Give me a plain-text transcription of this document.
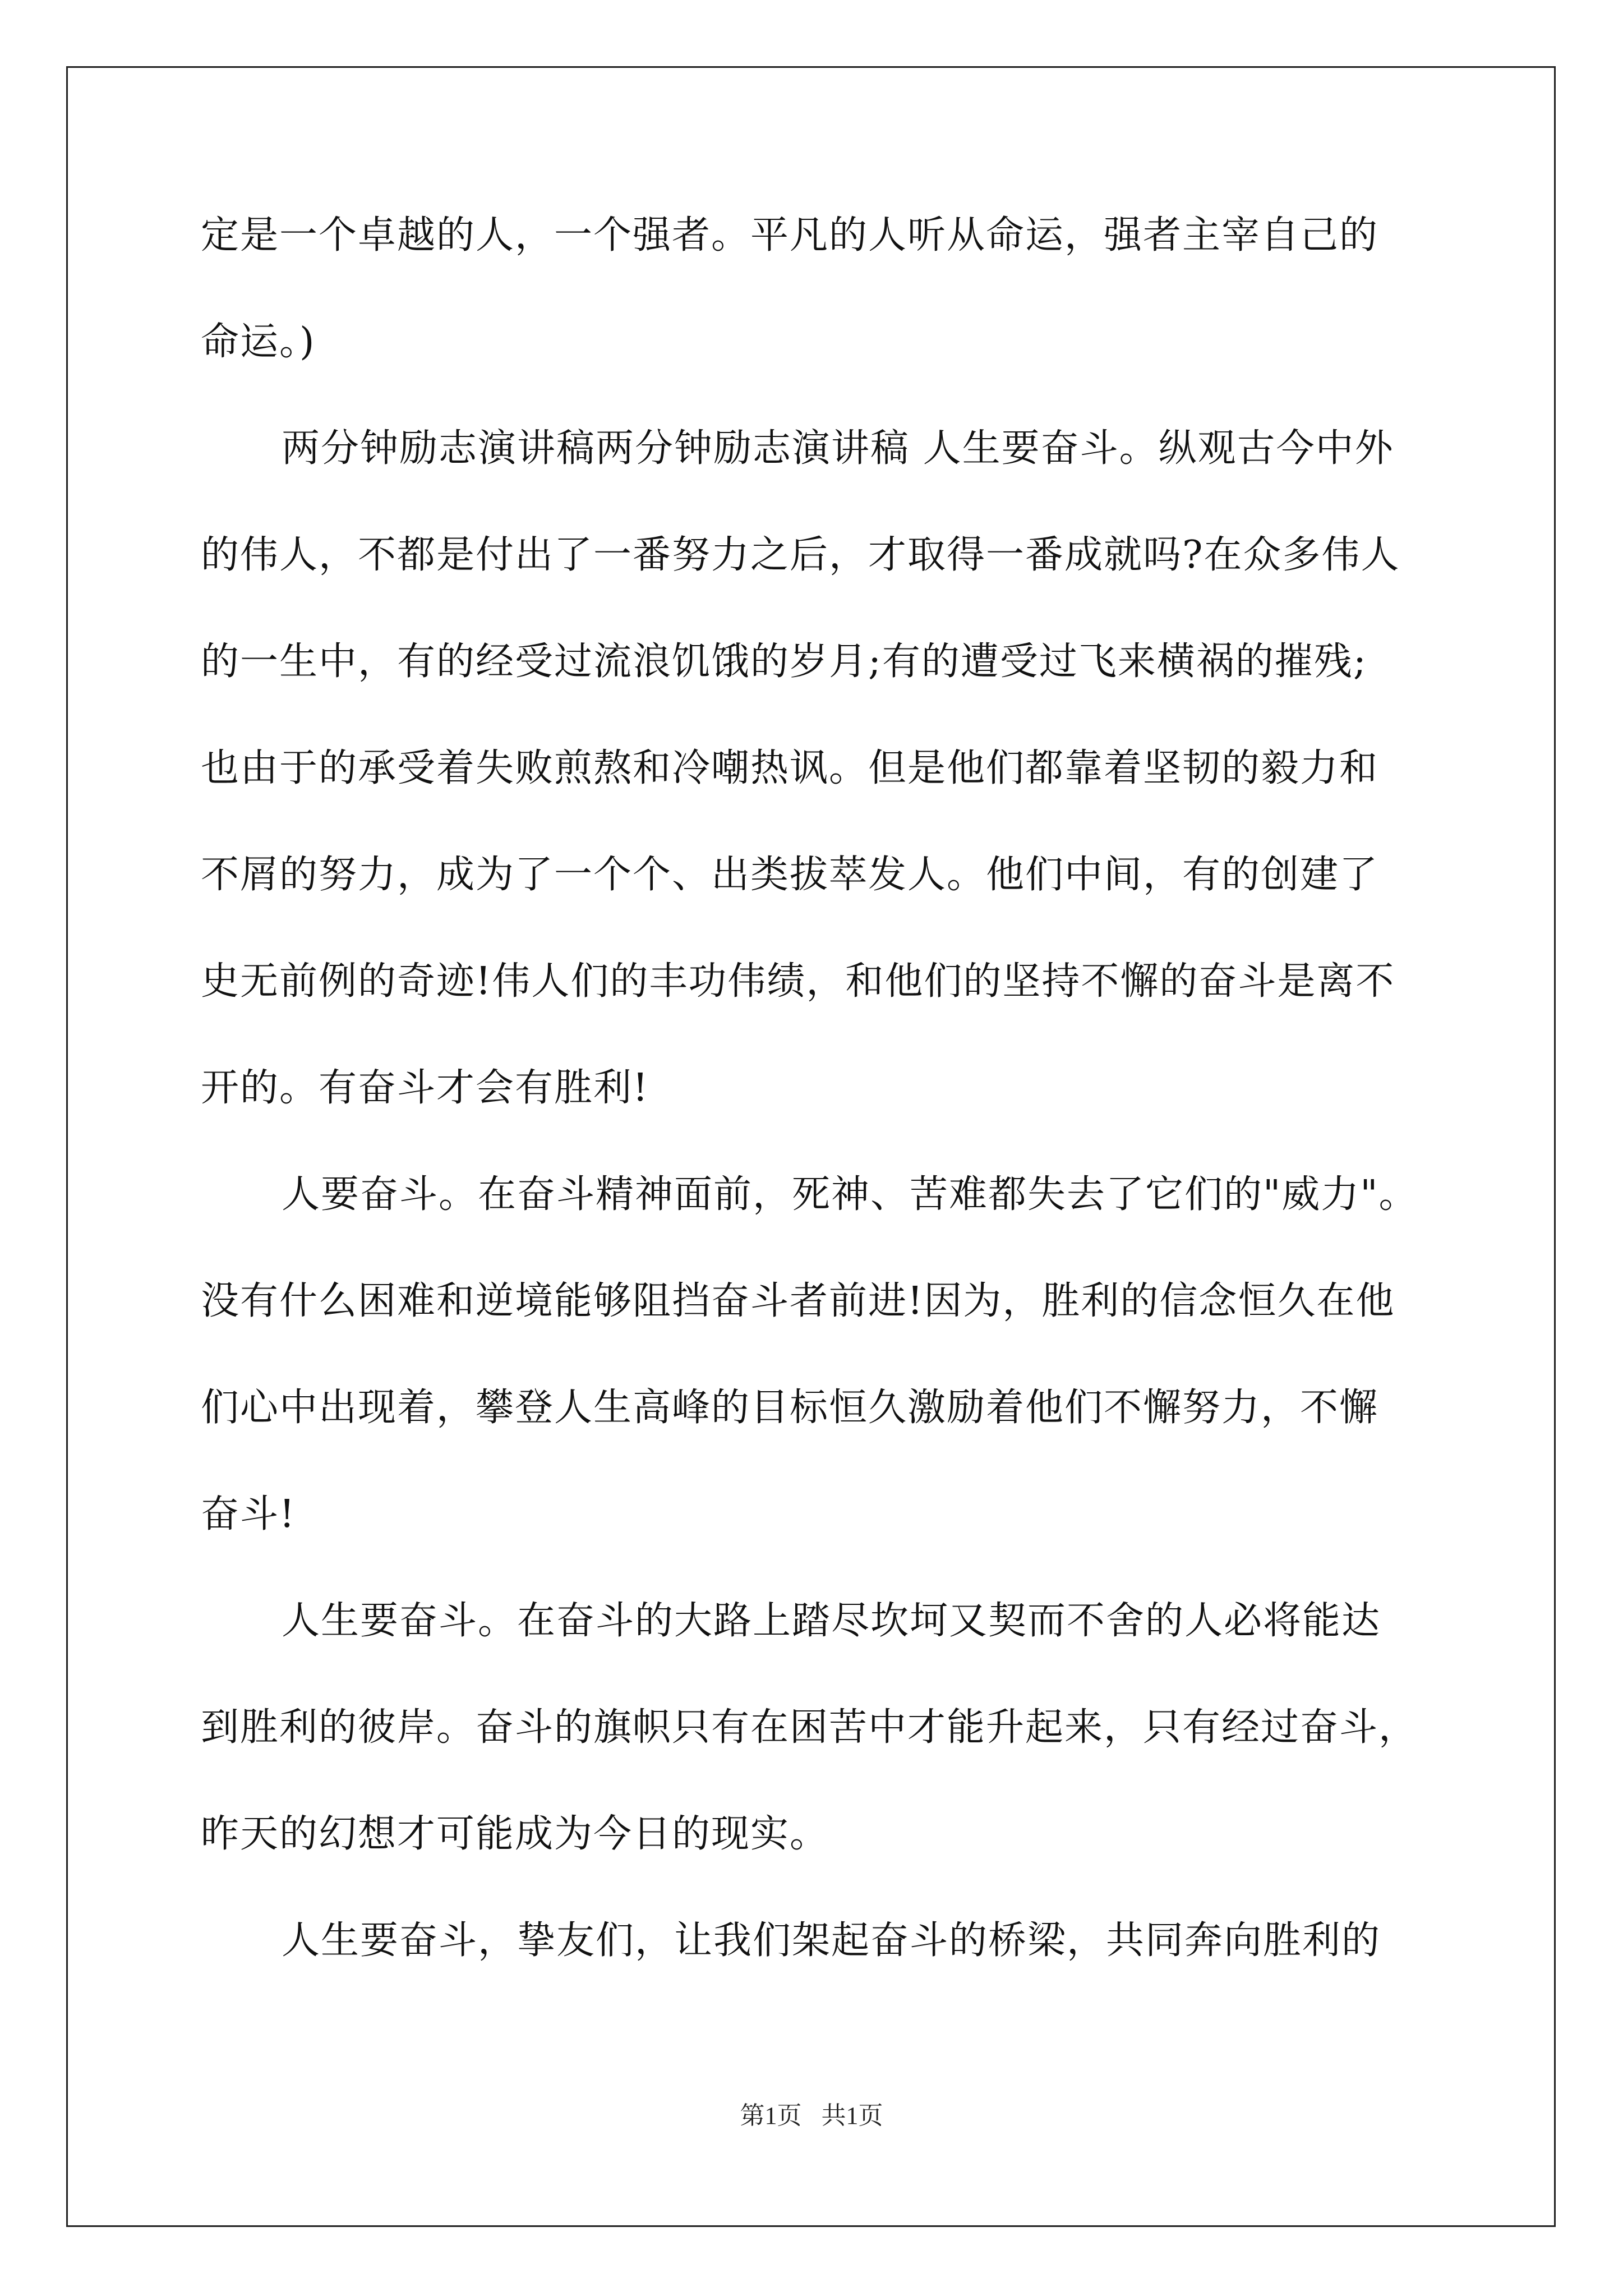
定是一个卓越的人，一个强者。平凡的人听从命运，强者主宰自己的
命运。)
两分钟励志演讲稿两分钟励志演讲稿 人生要奋斗。纵观古今中外
的伟人，不都是付出了一番努力之后，才取得一番成就吗?在众多伟人
的一生中，有的经受过流浪饥饿的岁月;有的遭受过飞来横祸的摧残;
也由于的承受着失败煎熬和冷嘲热讽。但是他们都靠着坚韧的毅力和
不屑的努力，成为了一个个、出类拔萃发人。他们中间，有的创建了
史无前例的奇迹!伟人们的丰功伟绩，和他们的坚持不懈的奋斗是离不
开的。有奋斗才会有胜利!
人要奋斗。在奋斗精神面前，死神、苦难都失去了它们的"威力"。
没有什么困难和逆境能够阻挡奋斗者前进!因为，胜利的信念恒久在他
们心中出现着，攀登人生高峰的目标恒久激励着他们不懈努力，不懈
奋斗!
人生要奋斗。在奋斗的大路上踏尽坎坷又契而不舍的人必将能达
到胜利的彼岸。奋斗的旗帜只有在困苦中才能升起来，只有经过奋斗，
昨天的幻想才可能成为今日的现实。
人生要奋斗，挚友们，让我们架起奋斗的桥梁，共同奔向胜利的
第1页 共1页
